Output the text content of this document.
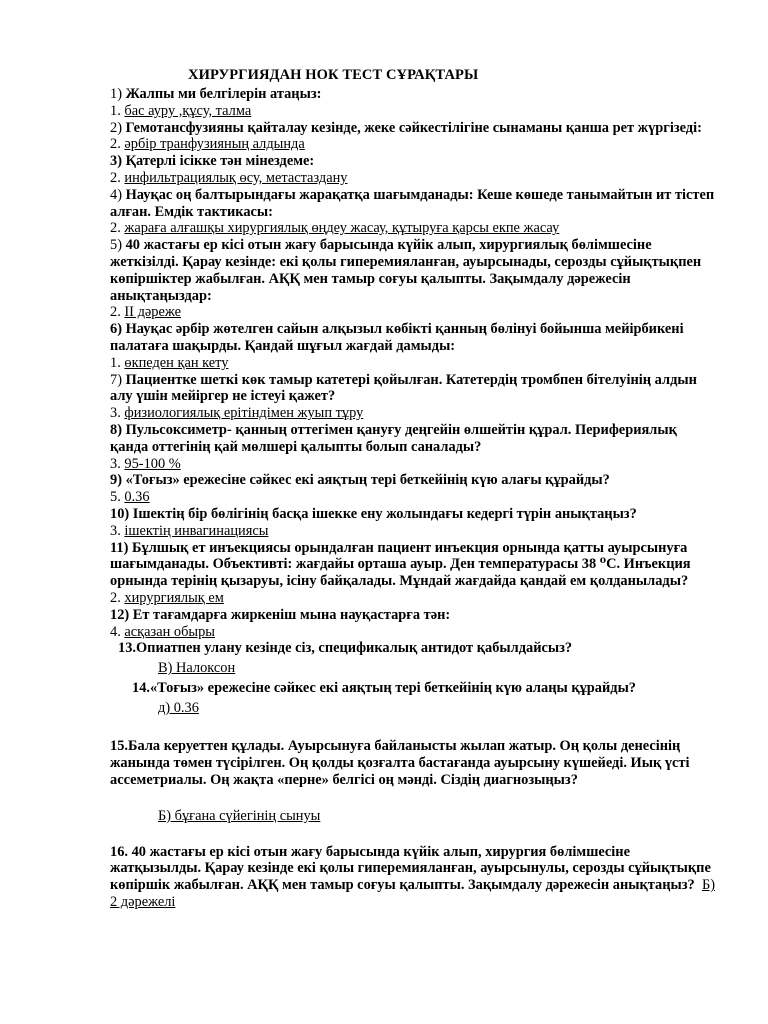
ХИРУРГИЯДАН НОК ТЕСТ СҰРАҚТАРЫ

1) Жалпы ми белгілерін атаңыз:

1. бас ауру ,құсу, талма

2) Гемотансфузияны қайталау кезінде, жеке сәйкестілігіне сынаманы қанша рет жүргізеді:

2. әрбір транфузияның алдында

3) Қатерлі ісікке тән мінездеме:

2. инфильтрациялық өсу, метастаздану

4) Науқас оң балтырындағы жарақатқа шағымданады: Кеше көшеде танымайтын ит тістеп алған. Емдік тактикасы:

2. жараға алғашқы хирургиялық өңдеу жасау, құтыруға қарсы екпе жасау

5) 40 жастағы ер кісі отын жағу барысында күйік алып, хирургиялық бөлімшесіне жеткізілді. Қарау кезінде: екі қолы гиперемияланған, ауырсынады, серозды сұйықтықпен көпіршіктер жабылған. АҚҚ мен тамыр соғуы қалыпты. Зақымдалу дәрежесін анықтаңыздар:

2. II дәреже

6) Науқас әрбір жөтелген сайын алқызыл көбікті қанның бөлінуі бойынша мейірбикені палатаға шақырды. Қандай шұғыл жағдай дамыды:

1. өкпеден қан кету

7) Пациентке шеткі көк тамыр катетері қойылған. Катетердің тромбпен бітелуінің алдын алу үшін мейіргер не істеуі қажет?

3. физиологиялық ерітіндімен жуып тұру

8) Пульсоксиметр- қанның оттегімен қануғу деңгейін өлшейтін құрал. Перифериялық қанда оттегінің қай мөлшері қалыпты болып саналады?

3. 95-100 %

9) «Тоғыз» ережесіне сәйкес екі аяқтың тері беткейінің күю алағы құрайды?

5. 0.36

10) Ішектің бір бөлігінің басқа ішекке ену жолындағы кедергі түрін анықтаңыз?

3. ішектің инвагинациясы

11) Бұлшық ет инъекциясы орындалған пациент инъекция орнында қатты ауырсынуға шағымданады. Объективті: жағдайы орташа ауыр. Ден температурасы 38 ⁰С. Инъекция орнында терінің қызаруы, ісіну байқалады. Мұндай жағдайда қандай ем қолданылады?

2. хирургиялық ем

12) Ет тағамдарға жиркеніш мына науқастарға тән:

4. асқазан обыры

13.Опиатпен улану кезінде сіз, спецификалық антидот қабылдайсыз?

В) Налоксон

14.«Тоғыз» ережесіне сәйкес екі аяқтың тері беткейінің күю алаңы құрайды?

д) 0.36

15.Бала керуеттен құлады. Ауырсынуға байланысты жылап жатыр. Оң қолы денесінің жанында төмен түсірілген. Оң қолды қозғалта бастағанда ауырсыну күшейеді. Иық үсті ассеметриалы. Оң жақта «перне» белгісі оң мәнді. Сіздің диагнозыңыз?

Б) бұғана сүйегінің сынуы

16. 40 жастағы ер кісі отын жағу барысында күйік алып, хирургия бөлімшесіне жатқызылды. Қарау кезінде екі қолы гиперемияланған, ауырсынулы, серозды сұйықтықпе көпіршік жабылған. АҚҚ мен тамыр соғуы қалыпты. Зақымдалу дәрежесін анықтаңыз? Б) 2 дәрежелі
